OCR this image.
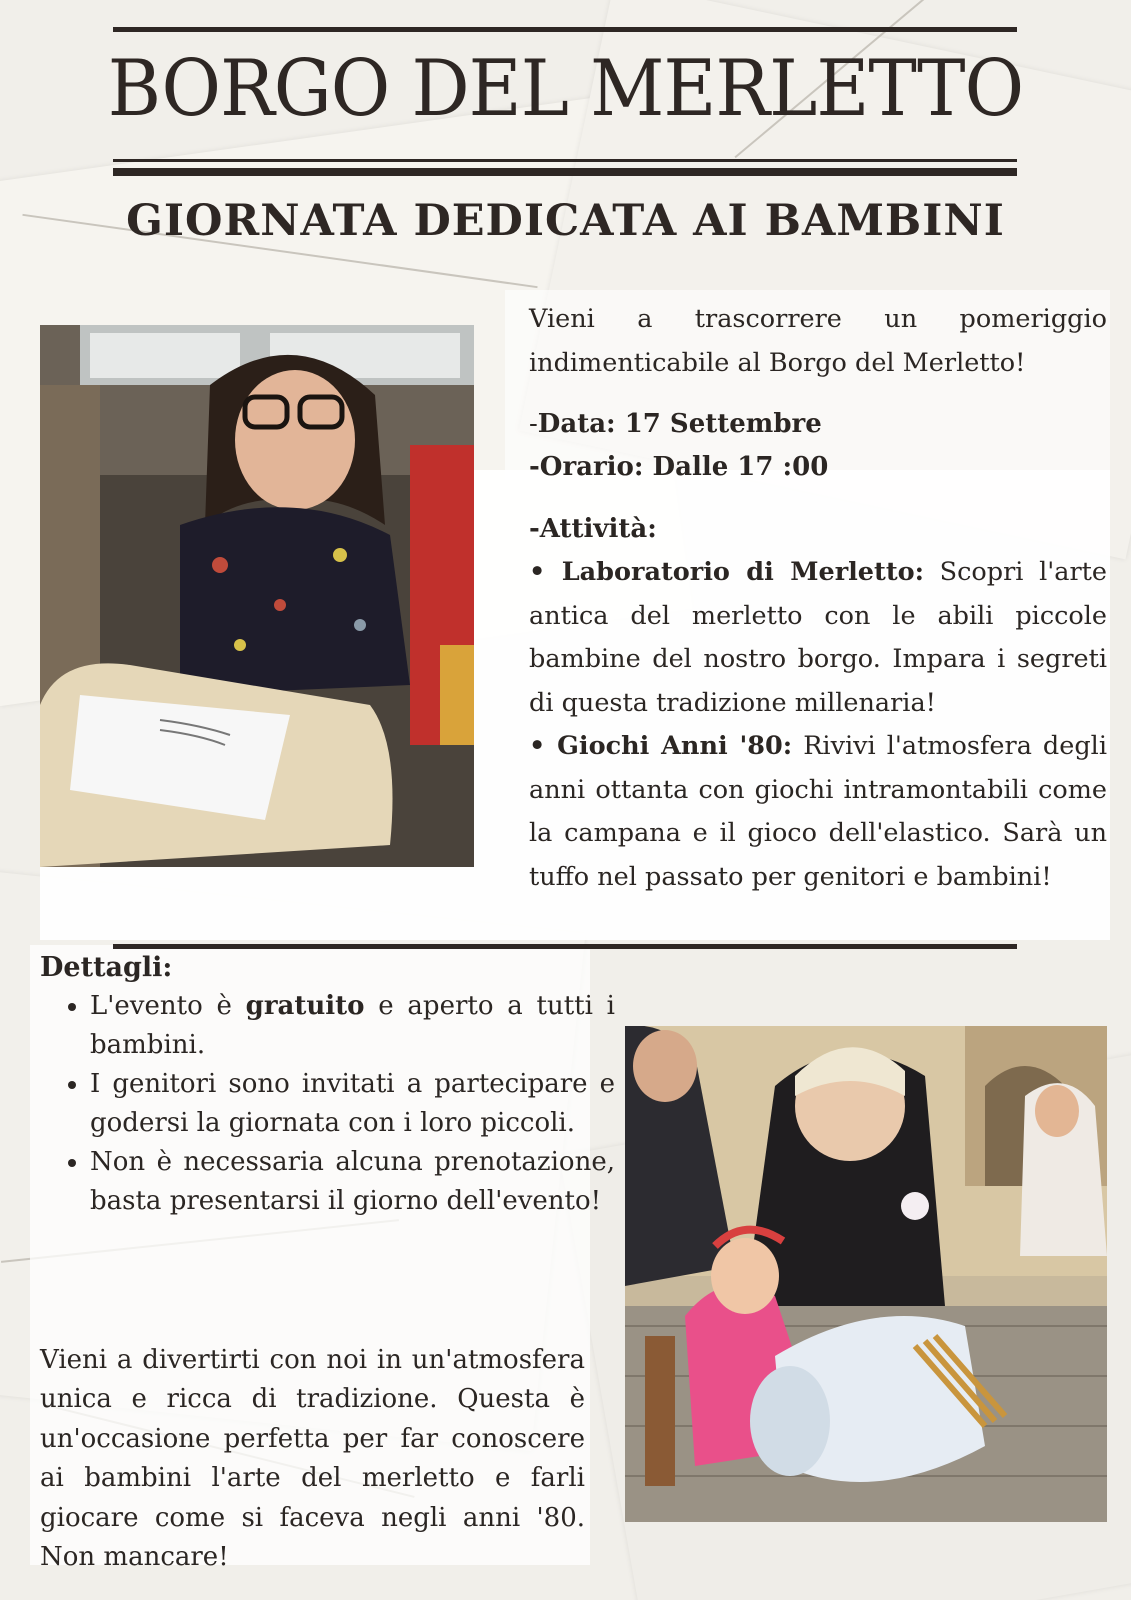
BORGO DEL MERLETTO
GIORNATA DEDICATA AI BAMBINI
Vieni a trascorrere un pomeriggio indimenticabile al Borgo del Merletto!
-Data: 17 Settembre
-Orario: Dalle 17 :00
-Attività:

• Laboratorio di Merletto: Scopri l'arte antica del merletto con le abili piccole bambine del nostro borgo. Impara i segreti di questa tradizione millenaria!

• Giochi Anni '80: Rivivi l'atmosfera degli anni ottanta con giochi intramontabili come la campana e il gioco dell'elastico. Sarà un tuffo nel passato per genitori e bambini!

Dettagli:
• L'evento è gratuito e aperto a tutti i bambini.
• I genitori sono invitati a partecipare e godersi la giornata con i loro piccoli.
• Non è necessaria alcuna prenotazione, basta presentarsi il giorno dell'evento!
Vieni a divertirti con noi in un'atmosfera unica e ricca di tradizione. Questa è un'occasione perfetta per far conoscere ai bambini l'arte del merletto e farli giocare come si faceva negli anni '80. Non mancare!
